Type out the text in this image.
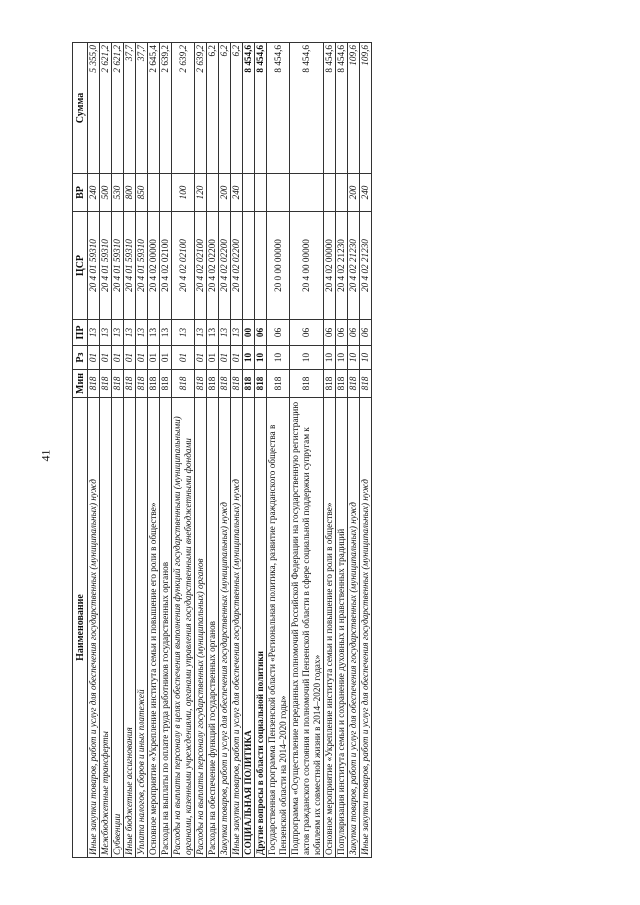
41
Наименование	Мин	Рз	ПР	ЦСР	ВР	Сумма
Иные закупки товаров, работ и услуг для обеспечения государственных (муниципальных) нужд	818	01	13	20 4 01 59310	240	5 355,0
Межбюджетные трансферты	818	01	13	20 4 01 59310	500	2 621,2
Субвенции	818	01	13	20 4 01 59310	530	2 621,2
Иные бюджетные ассигнования	818	01	13	20 4 01 59310	800	37,7
Уплата налогов, сборов и иных платежей	818	01	13	20 4 01 59310	850	37,7
Основное мероприятие «Укрепление института семьи и повышение его роли в обществе»	818	01	13	20 4 02 00000		2 645,4
Расходы на выплаты по оплате труда работников государственных органов	818	01	13	20 4 02 02100		2 639,2
Расходы на выплаты персоналу в целях обеспечения выполнения функций государственными (муниципальными) органами, казенными учреждениями, органами управления государственными внебюджетными фондами	818	01	13	20 4 02 02100	100	2 639,2
Расходы на выплаты персоналу государственных (муниципальных) органов	818	01	13	20 4 02 02100	120	2 639,2
Расходы на обеспечение функций государственных органов	818	01	13	20 4 02 02200		6,2
Закупка товаров, работ и услуг для обеспечения государственных (муниципальных) нужд	818	01	13	20 4 02 02200	200	6,2
Иные закупки товаров, работ и услуг для обеспечения государственных (муниципальных) нужд	818	01	13	20 4 02 02200	240	6,2
СОЦИАЛЬНАЯ ПОЛИТИКА	818	10	00			8 454,6
Другие вопросы в области социальной политики	818	10	06			8 454,6
Государственная программа Пензенской области «Региональная политика, развитие гражданского общества в Пензенской области на 2014–2020 годы»	818	10	06	20 0 00 00000		8 454,6
Подпрограмма «Осуществление переданных полномочий Российской Федерации на государственную регистрацию актов гражданского состояния и полномочий Пензенской области в сфере социальной поддержки супругам к юбилеям их совместной жизни в 2014–2020 годах»	818	10	06	20 4 00 00000		8 454,6
Основное мероприятие «Укрепление института семьи и повышение его роли в обществе»	818	10	06	20 4 02 00000		8 454,6
Популяризация института семьи и сохранение духовных и нравственных традиций	818	10	06	20 4 02 21230		8 454,6
Закупка товаров, работ и услуг для обеспечения государственных (муниципальных) нужд	818	10	06	20 4 02 21230	200	109,6
Иные закупки товаров, работ и услуг для обеспечения государственных (муниципальных) нужд	818	10	06	20 4 02 21230	240	109,6
